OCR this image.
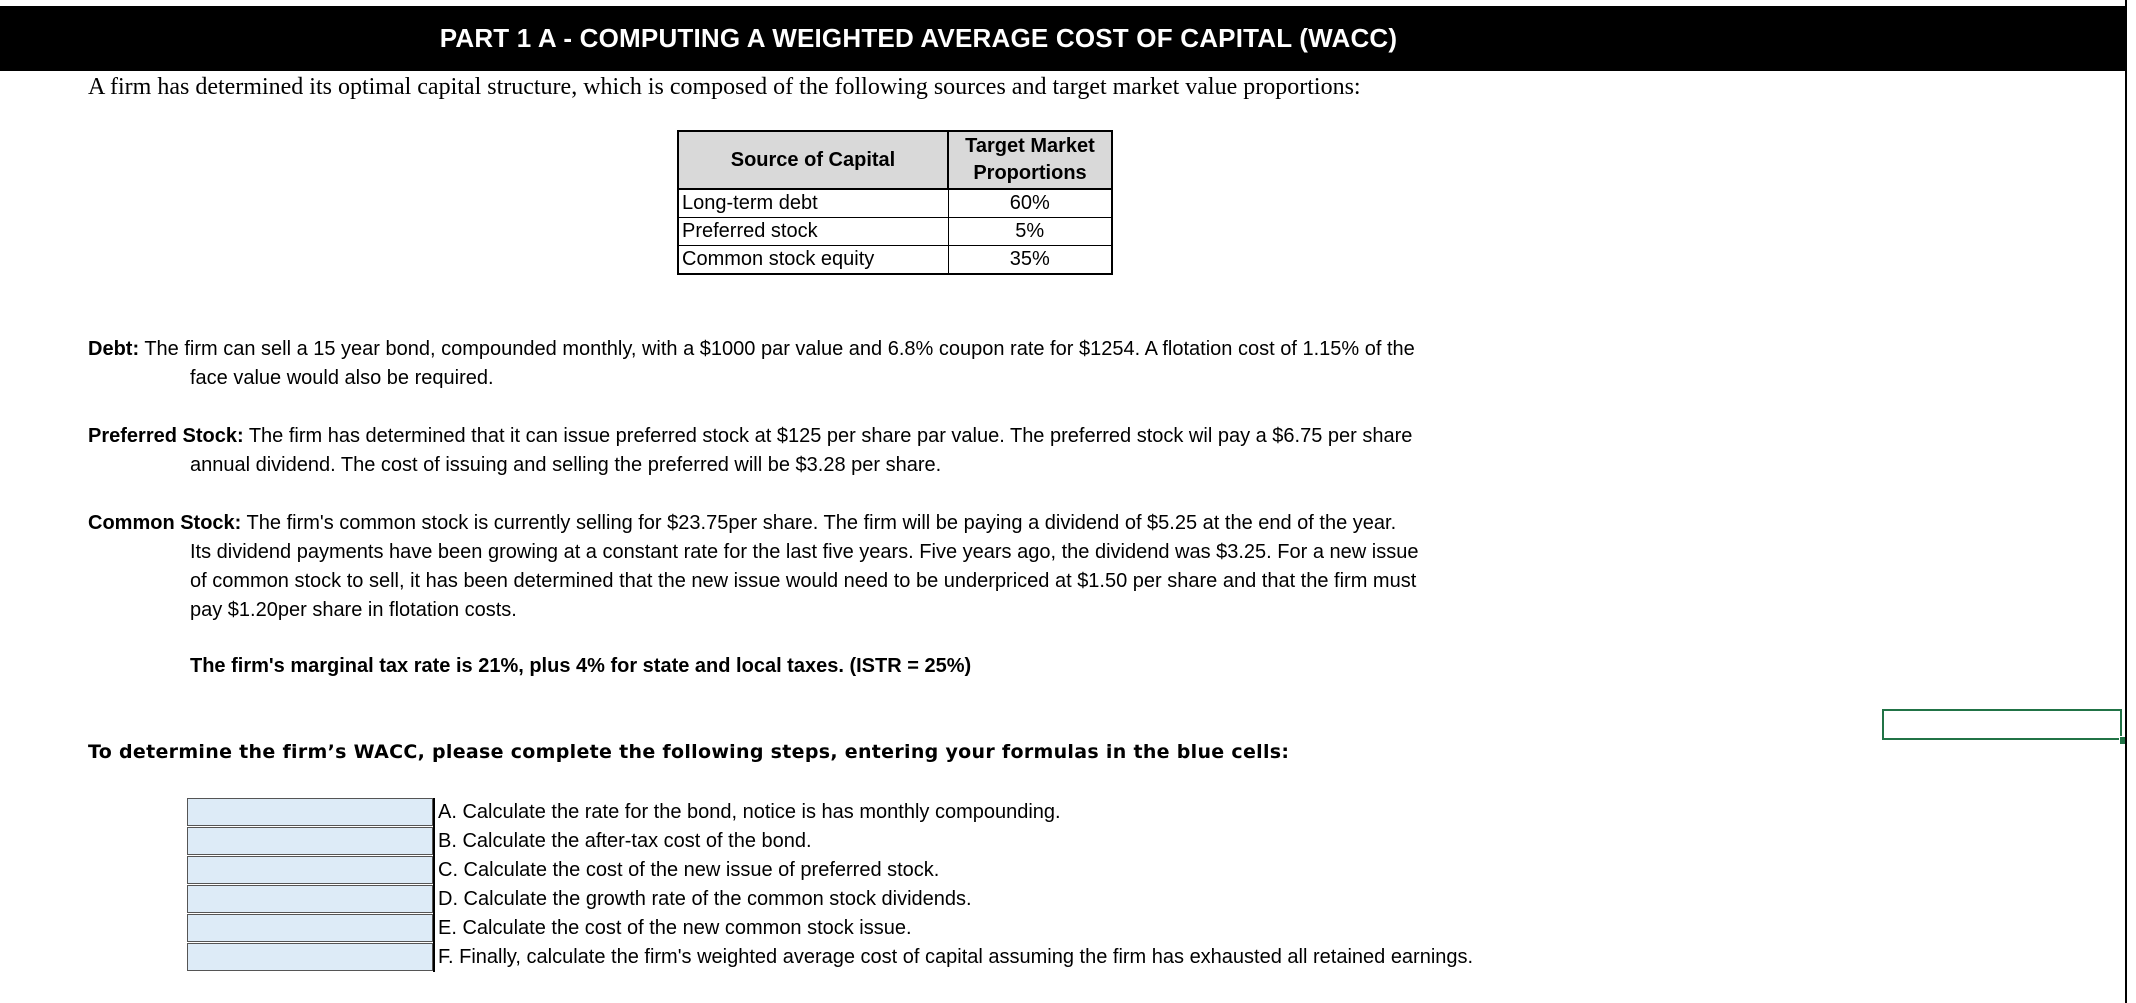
PART 1 A - COMPUTING A WEIGHTED AVERAGE COST OF CAPITAL (WACC)
A firm has determined its optimal capital structure, which is composed of the following sources and target market value proportions:
Source of Capital	Target Market
Proportions
Long-term debt	60%
Preferred stock	5%
Common stock equity	35%
Debt: The firm can sell a 15 year bond, compounded monthly, with a $1000 par value and 6.8% coupon rate for $1254. A flotation cost of 1.15% of the
face value would also be required.
Preferred Stock: The firm has determined that it can issue preferred stock at $125 per share par value. The preferred stock wil pay a $6.75 per share
annual dividend. The cost of issuing and selling the preferred will be $3.28 per share.
Common Stock: The firm's common stock is currently selling for $23.75per share. The firm will be paying a dividend of $5.25 at the end of the year.
Its dividend payments have been growing at a constant rate for the last five years. Five years ago, the dividend was $3.25. For a new issue
of common stock to sell, it has been determined that the new issue would need to be underpriced at $1.50 per share and that the firm must
pay $1.20per share in flotation costs.
The firm's marginal tax rate is 21%, plus 4% for state and local taxes. (ISTR = 25%)
To determine the firm’s WACC, please complete the following steps, entering your formulas in the blue cells:
A. Calculate the rate for the bond, notice is has monthly compounding.
B. Calculate the after-tax cost of the bond.
C. Calculate the cost of the new issue of preferred stock.
D. Calculate the growth rate of the common stock dividends.
E. Calculate the cost of the new common stock issue.
F. Finally, calculate the firm's weighted average cost of capital assuming the firm has exhausted all retained earnings.
